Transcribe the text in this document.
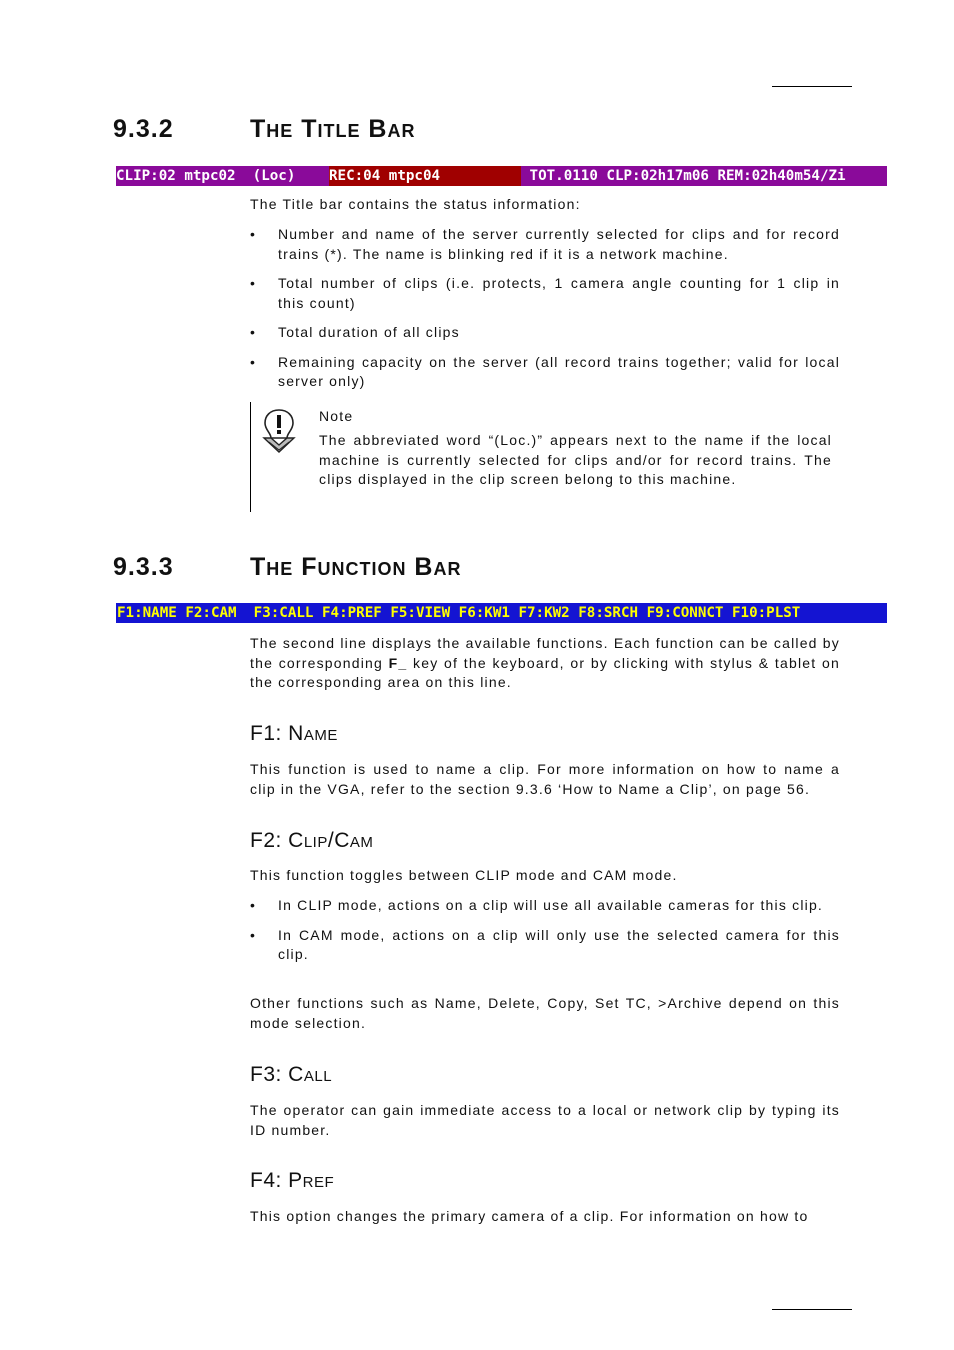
9.3.2	The Title Bar
CLIP:02 mtpc02  (Loc)	REC:04 mtpc04	TOT.0110 CLP:02h17m06 REM:02h40m54/Zi

The Title bar contains the status information:

• Number and name of the server currently selected for clips and for record trains (*). The name is blinking red if it is a network machine.
• Total number of clips (i.e. protects, 1 camera angle counting for 1 clip in this count)
• Total duration of all clips
• Remaining capacity on the server (all record trains together; valid for local server only)

Note

The abbreviated word “(Loc.)” appears next to the name if the local machine is currently selected for clips and/or for record trains. The clips displayed in the clip screen belong to this machine.

9.3.3	The Function Bar
F1: NAME F2:CAM  F3:CALL F4:PREF F5:VIEW F6:KW1 F7:KW2 F8:SRCH F9:CONNCT F10:PLST

The second line displays the available functions. Each function can be called by the corresponding F_ key of the keyboard, or by clicking with stylus & tablet on the corresponding area on this line.

F1: Name

This function is used to name a clip. For more information on how to name a clip in the VGA, refer to the section 9.3.6 ‘How to Name a Clip’, on page 56.

F2: Clip/Cam

This function toggles between CLIP mode and CAM mode.

• In CLIP mode, actions on a clip will use all available cameras for this clip.
• In CAM mode, actions on a clip will only use the selected camera for this clip.

Other functions such as Name, Delete, Copy, Set TC, >Archive depend on this mode selection.

F3: Call

The operator can gain immediate access to a local or network clip by typing its ID number.

F4: Pref

This option changes the primary camera of a clip. For information on how to
